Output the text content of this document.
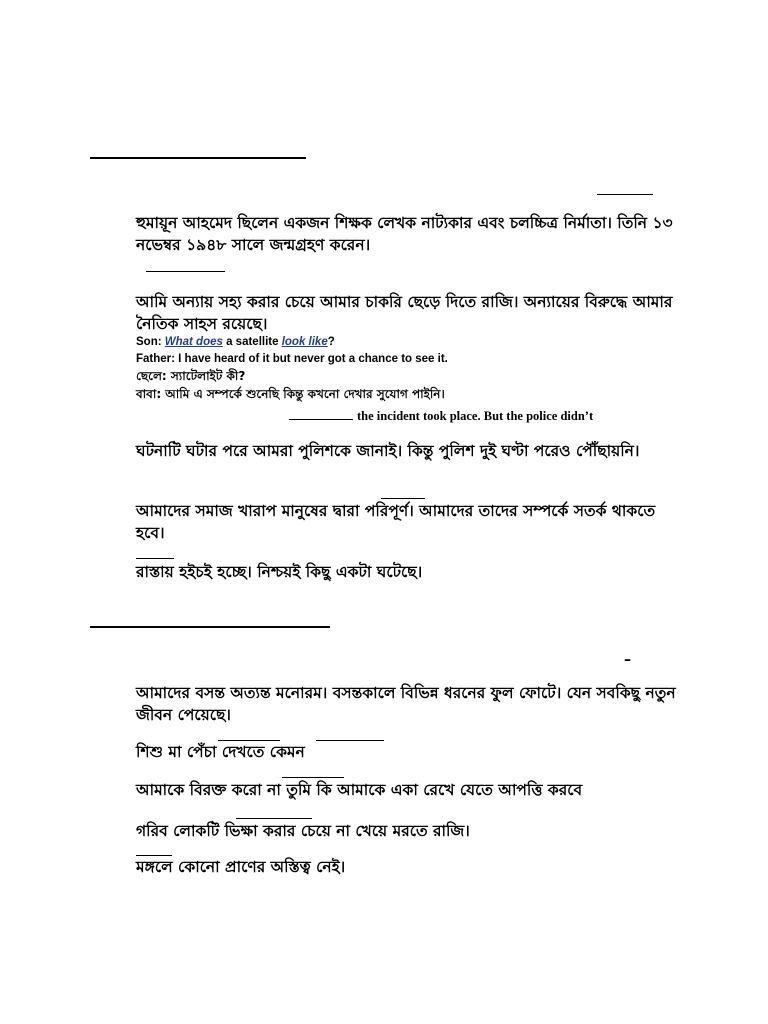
হুমায়ূন আহমেদ ছিলেন একজন শিক্ষক লেখক নাট্যকার এবং চলচ্চিত্র নির্মাতা। তিনি ১৩ নভেম্বর ১৯৪৮ সালে জন্মগ্রহণ করেন।
আমি অন্যায় সহ্য করার চেয়ে আমার চাকরি ছেড়ে দিতে রাজি। অন্যায়ের বিরুদ্ধে আমার নৈতিক সাহস রয়েছে।
Son: What does a satellite look like?
Father: I have heard of it but never got a chance to see it.
ছেলে: স্যাটেলাইট কী?
বাবা: আমি এ সম্পর্কে শুনেছি কিন্তু কখনো দেখার সুযোগ পাইনি।
the incident took place. But the police didn’t
ঘটনাটি ঘটার পরে আমরা পুলিশকে জানাই। কিন্তু পুলিশ দুই ঘণ্টা পরেও পৌঁছায়নি।
আমাদের সমাজ খারাপ মানুষের দ্বারা পরিপূর্ণ। আমাদের তাদের সম্পর্কে সতর্ক থাকতে হবে।
রাস্তায় হইচই হচ্ছে। নিশ্চয়ই কিছু একটা ঘটেছে।
–
আমাদের বসন্ত অত্যন্ত মনোরম। বসন্তকালে বিভিন্ন ধরনের ফুল ফোটে। যেন সবকিছু নতুন জীবন পেয়েছে।
শিশু মা পেঁচা দেখতে কেমন
আমাকে বিরক্ত করো না তুমি কি আমাকে একা রেখে যেতে আপত্তি করবে
গরিব লোকটি ভিক্ষা করার চেয়ে না খেয়ে মরতে রাজি।
মঙ্গলে কোনো প্রাণের অস্তিত্ব নেই।
